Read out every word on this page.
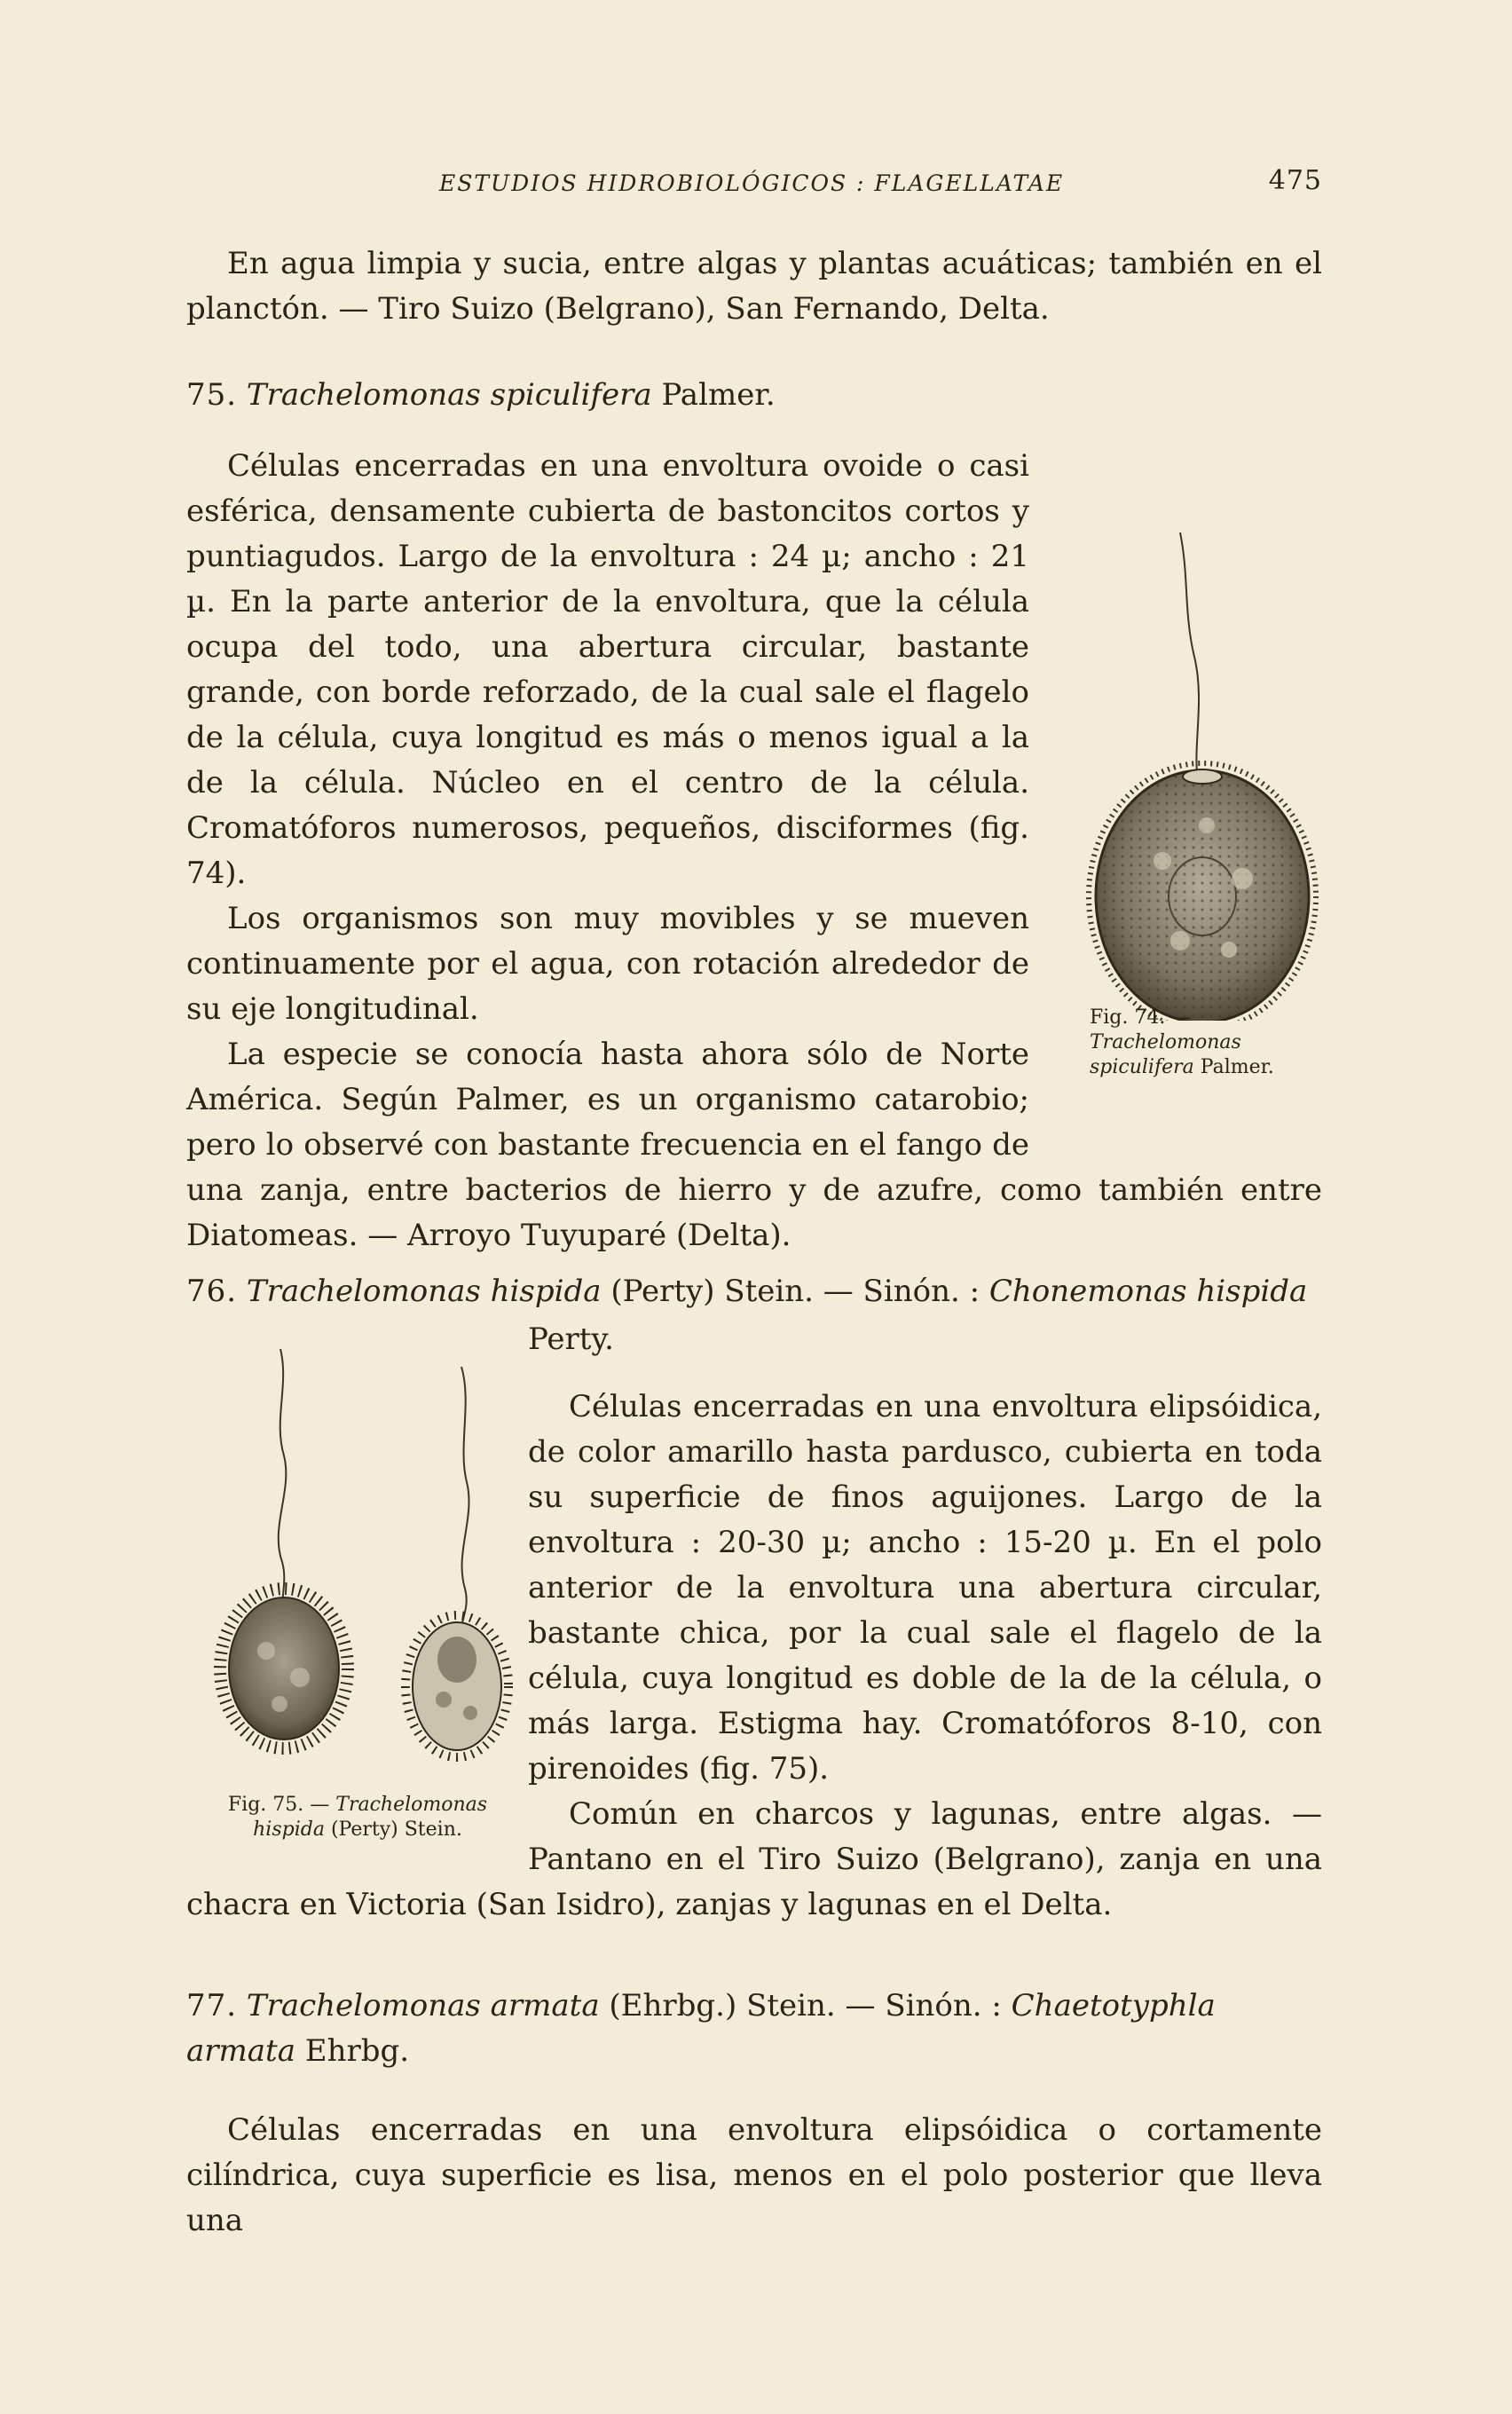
ESTUDIOS HIDROBIOLÓGICOS : FLAGELLATAE	475

En agua limpia y sucia, entre algas y plantas acuáticas; también en el planctón. — Tiro Suizo (Belgrano), San Fernando, Delta.

75. Trachelomonas spiculifera Palmer.

Células encerradas en una envoltura ovoide o casi esférica, densamente cubierta de bastoncitos cortos y puntiagudos. Largo de la envoltura : 24 µ; ancho : 21 µ. En la parte anterior de la envoltura, que la célula ocupa del todo, una abertura circular, bastante grande, con borde reforzado, de la cual sale el flagelo de la célula, cuya longitud es más o menos igual a la de la célula. Núcleo en el centro de la célula. Cromatóforos numerosos, pequeños, disciformes (fig. 74).

Los organismos son muy movibles y se mueven continuamente por el agua, con rotación alrededor de su eje longitudinal.

La especie se conocía hasta ahora sólo de Norte América. Según Palmer, es un organismo catarobio; pero lo observé con bastante frecuencia en el fango de una zanja, entre bacterios de hierro y de azufre, como también entre Diatomeas. — Arroyo Tuyuparé (Delta).

Fig. 74. — Trachelomonas spiculifera Palmer.

76. Trachelomonas hispida (Perty) Stein. — Sinón. : Chonemonas hispida

Perty.

Fig. 75. — Trachelomonas hispida (Perty) Stein.

Células encerradas en una envoltura elipsóidica, de color amarillo hasta pardusco, cubierta en toda su superficie de finos aguijones. Largo de la envoltura : 20-30 µ; ancho : 15-20 µ. En el polo anterior de la envoltura una abertura circular, bastante chica, por la cual sale el flagelo de la célula, cuya longitud es doble de la de la célula, o más larga. Estigma hay. Cromatóforos 8-10, con pirenoides (fig. 75).

Común en charcos y lagunas, entre algas. — Pantano en el Tiro Suizo (Belgrano), zanja en una chacra en Victoria (San Isidro), zanjas y lagunas en el Delta.

77. Trachelomonas armata (Ehrbg.) Stein. — Sinón. : Chaetotyphla armata Ehrbg.

Células encerradas en una envoltura elipsóidica o cortamente cilíndrica, cuya superficie es lisa, menos en el polo posterior que lleva una
